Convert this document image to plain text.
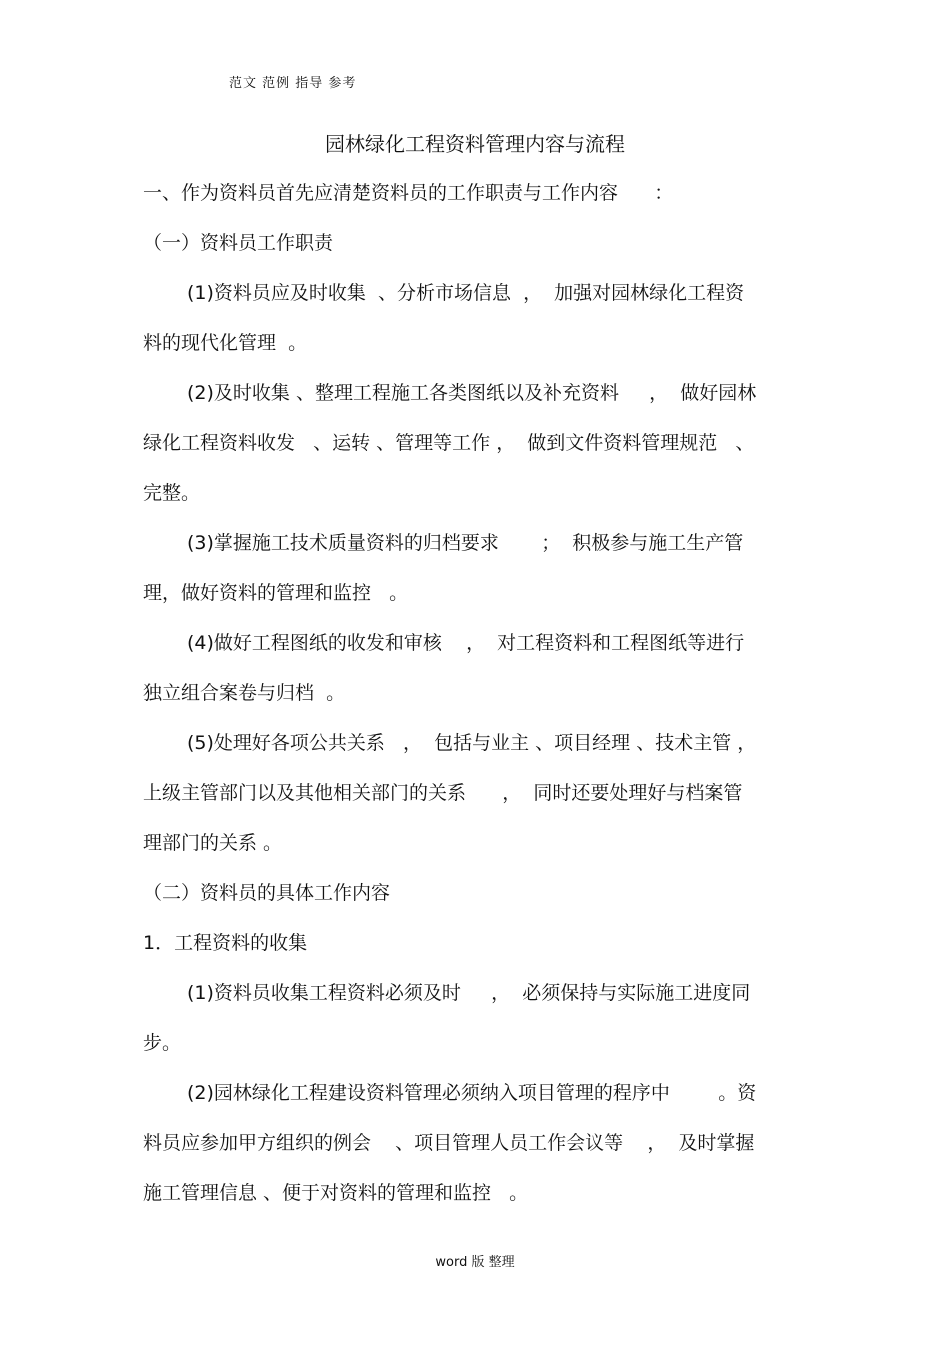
范文 范例 指导 参考
园林绿化工程资料管理内容与流程
一、作为资料员首先应清楚资料员的工作职责与工作内容      ：
（一）资料员工作职责
(1)资料员应及时收集  、分析市场信息  ，  加强对园林绿化工程资
料的现代化管理  。
(2)及时收集 、整理工程施工各类图纸以及补充资料     ，  做好园林
绿化工程资料收发   、运转 、管理等工作 ，  做到文件资料管理规范   、
完整。
(3)掌握施工技术质量资料的归档要求       ；  积极参与施工生产管
理，做好资料的管理和监控   。
(4)做好工程图纸的收发和审核    ，  对工程资料和工程图纸等进行
独立组合案卷与归档  。
(5)处理好各项公共关系   ，  包括与业主 、项目经理 、技术主管 ，
上级主管部门以及其他相关部门的关系      ，  同时还要处理好与档案管
理部门的关系 。
（二）资料员的具体工作内容
1．工程资料的收集
(1)资料员收集工程资料必须及时     ，  必须保持与实际施工进度同
步。
(2)园林绿化工程建设资料管理必须纳入项目管理的程序中        。资
料员应参加甲方组织的例会    、项目管理人员工作会议等    ，  及时掌握
施工管理信息 、便于对资料的管理和监控   。
word 版 整理
